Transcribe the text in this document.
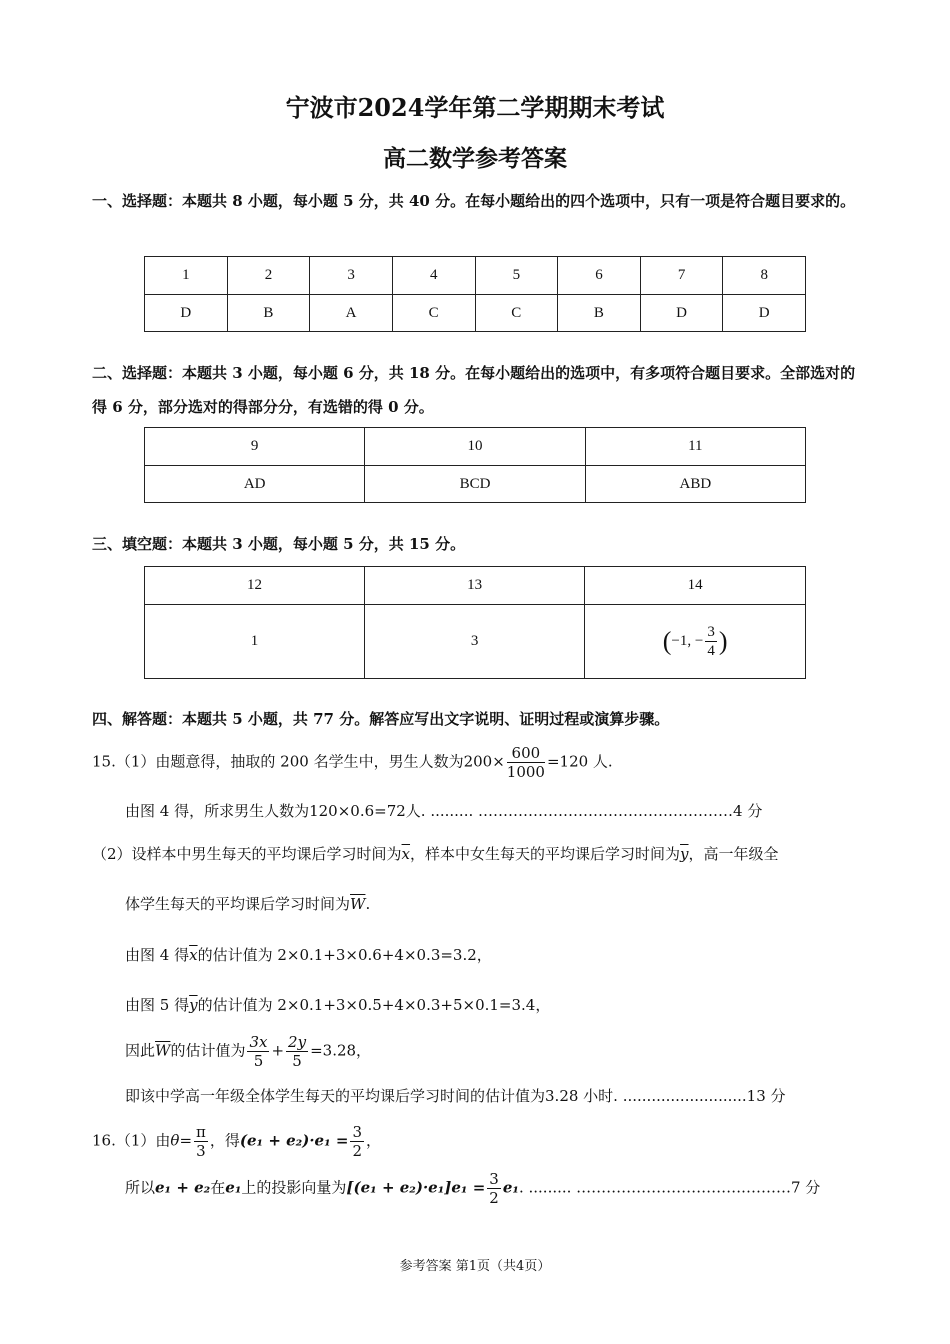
宁波市2024学年第二学期期末考试
高二数学参考答案
一、选择题：本题共 8 小题，每小题 5 分，共 40 分。在每小题给出的四个选项中，只有一项是符合题目要求的。
1	2	3	4	5	6	7	8
D	B	A	C	C	B	D	D
二、选择题：本题共 3 小题，每小题 6 分，共 18 分。在每小题给出的选项中，有多项符合题目要求。全部选对的得 6 分，部分选对的得部分分，有选错的得 0 分。
9	10	11
AD	BCD	ABD
三、填空题：本题共 3 小题，每小题 5 分，共 15 分。
12	13	14
1	3	(−1, − $\frac{3}{4}$ )
四、解答题：本题共 5 小题，共 77 分。解答应写出文字说明、证明过程或演算步骤。
15.（1）由题意得，抽取的 200 名学生中，男生人数为$200\times \frac{600}{1000} =120$ 人.
由图 4 得，所求男生人数为120×0.6=72人. ......... ……………………………………………4 分
（2）设样本中男生每天的平均课后学习时间为$\overline{x}$，样本中女生每天的平均课后学习时间为$\overline{y}$，高一年级全
体学生每天的平均课后学习时间为$\overline{W}$.
由图 4 得$\overline{x}$的估计值为 2×0.1+3×0.6+4×0.3=3.2，
由图 5 得$\overline{y}$的估计值为 2×0.1+3×0.5+4×0.3+5×0.1=3.4，
因此$\overline{W}$的估计值为 $\frac{3x}{5} + \frac{2y}{5} =3.28$，
即该中学高一年级全体学生每天的平均课后学习时间的估计值为3.28 小时. ..........................13 分
16.（1）由$\theta= \frac{\pi}{3}$ ，得$(e_1 + e_2)\cdot e_1 = \frac{3}{2}$ ，
所以e₁ + e₂在e₁上的投影向量为$[(e_1 + e_2)\cdot e_1]e_1 = \frac{3}{2} e_1$. ......... …………………………….………7 分
参考答案 第1页（共4页）
